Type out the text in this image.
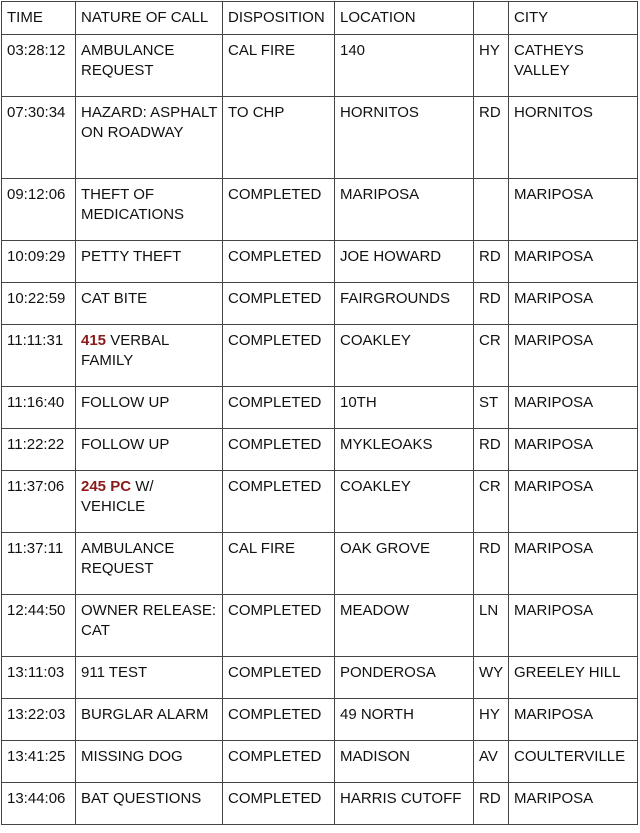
TIME	NATURE OF CALL	DISPOSITION	LOCATION		CITY
03:28:12	AMBULANCE REQUEST	CAL FIRE	140	HY	CATHEYS VALLEY
07:30:34	HAZARD: ASPHALT ON ROADWAY	TO CHP	HORNITOS	RD	HORNITOS
09:12:06	THEFT OF MEDICATIONS	COMPLETED	MARIPOSA		MARIPOSA
10:09:29	PETTY THEFT	COMPLETED	JOE HOWARD	RD	MARIPOSA
10:22:59	CAT BITE	COMPLETED	FAIRGROUNDS	RD	MARIPOSA
11:11:31	415 VERBAL FAMILY	COMPLETED	COAKLEY	CR	MARIPOSA
11:16:40	FOLLOW UP	COMPLETED	10TH	ST	MARIPOSA
11:22:22	FOLLOW UP	COMPLETED	MYKLEOAKS	RD	MARIPOSA
11:37:06	245 PC W/ VEHICLE	COMPLETED	COAKLEY	CR	MARIPOSA
11:37:11	AMBULANCE REQUEST	CAL FIRE	OAK GROVE	RD	MARIPOSA
12:44:50	OWNER RELEASE: CAT	COMPLETED	MEADOW	LN	MARIPOSA
13:11:03	911 TEST	COMPLETED	PONDEROSA	WY	GREELEY HILL
13:22:03	BURGLAR ALARM	COMPLETED	49 NORTH	HY	MARIPOSA
13:41:25	MISSING DOG	COMPLETED	MADISON	AV	COULTERVILLE
13:44:06	BAT QUESTIONS	COMPLETED	HARRIS CUTOFF	RD	MARIPOSA
